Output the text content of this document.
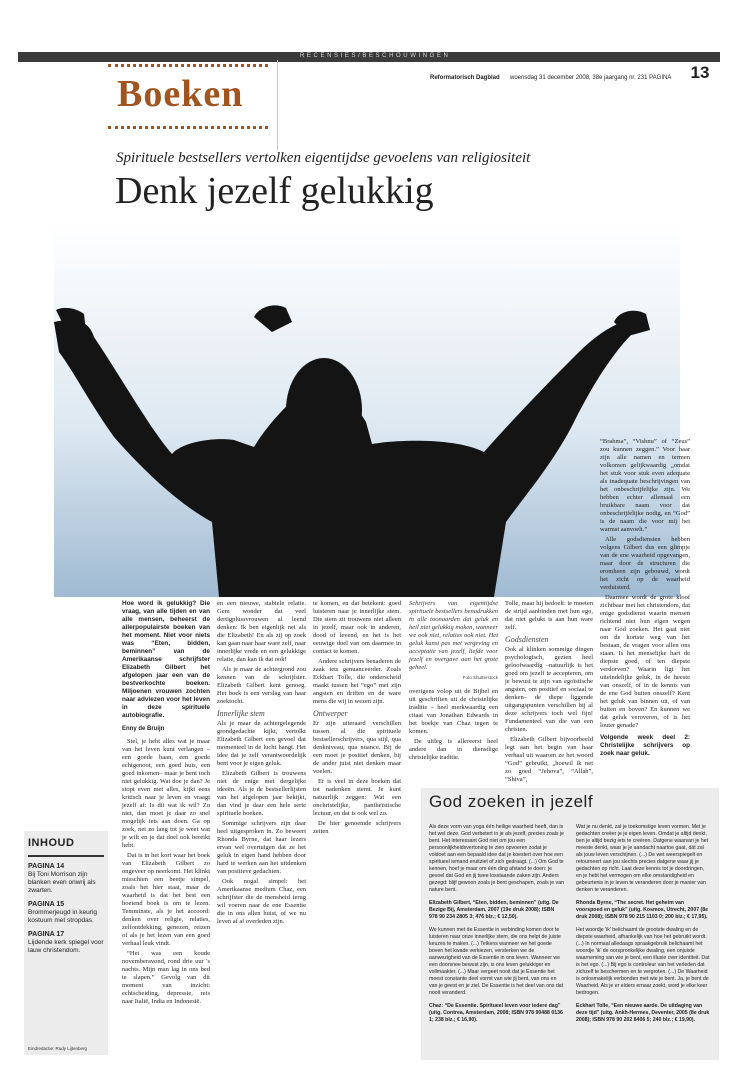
RECENSIES/BESCHOUWINGEN
Boeken	Reformatorisch Dagblad woensdag 31 december 2008, 38e jaargang nr. 231 PAGINA	13
Spirituele bestsellers vertolken eigentijdse gevoelens van religiositeit
Denk jezelf gelukkig

Hoe word ik gelukkig? Die vraag, van alle tijden en van alle mensen, beheerst de allerpopulairste boeken van het moment. Niet voor niets was “Eten, bidden, beminnen” van de Amerikaanse schrijfster Elizabeth Gilbert het afgelopen jaar een van de bestverkochte boeken. Miljoenen vrouwen zochten naar adviezen voor het leven in deze spirituele autobiografie.

Enny de Bruijn

Stel, je hebt alles wat je maar van het leven kunt verlangen –een goede baan, een goede echtgenoot, een goed huis, een goed inkomen– maar je bent toch niet gelukkig. Wat doe je dan? Je stopt even met alles, kijkt eens kritisch naar je leven en vraagt jezelf af: Is dit wat ik wil? Zo niet, dan moet je daar zo snel mogelijk iets aan doen. Ga op zoek, net zo lang tot je weet wat je wilt en je dat doel ook bereikt hebt.

Dat is in het kort waar het boek van Elizabeth Gilbert zo ongeveer op neerkomt. Het klinkt misschien een beetje simpel, zoals het hier staat, maar de waarheid is dat het best een boeiend boek is om te lezen. Temminste, als je het accoord: denken over religie, relaties, zelfontdekking, genezen, reizen of als je het lezen van een goed verhaal leuk vindt.

“Het was een koude novemberavond, rond drie uur 's nachts. Mijn man lag in ons bed te slapen.” Gevolg van dit moment van inzicht: echtscheiding, depressie, reis naar Italië, India en Indonesië.

en een nieuwe, stabiele relatie. Gem wonder dat veel dertigplussvrouwen al leend denken: Ik ben eigenlijk net als die Elizabeth! En als zij op zoek kan gaan naar haar ware zelf, naar innerlijke vrede en een gelukkige relatie, dan kan ik dat ook!

Als je maar de achtergrond zou kennen van de schrijfster. Elizabeth Gilbert kent genoeg. Het boek is een verslag van haar zoektocht.

Innerlijke stem

Als je maar de achtergelegende grondgedachte kijkt, vertolkt Elizabeth Gilbert een gevoel dat momenteel in de lucht hangt. Het idee dat je zelf verantwoordelijk bent voor je eigen geluk.

Elizabeth Gilbert is trouwens niet de enige met dergelijke ideeën. Als je de bestsellerlijsten van het afgelopen jaar bekijkt, dan vind je daar een hele serie spirituele boeken.

Sommige schrijvers zijn daar heel uitgesproken in. Zo beweert Rhonda Byrne, dat haar lezers ervan wel overtuigen dat ze het geluk in eigen hand hebben door hard te werken aan het uitdenken van positieve gedachten.

Ook nogal simpel: het Amerikaanse medium Chaz, een schrijfster die de mensheid terug wil voeren naar de ene Essentie die in ons allen huist, of we nu leven af al overleden zijn.

te komen, en dat betekent: goed luisteren naar je innerlijke stem. Die stem zit trouwens niet alleen in jezelf, maar ook in anderen, dood of levend, en het is het eeuwige doel van om daarmee in contact te komen.

Andere schrijvers benaderen de zaak iets genuanceerder. Zoals Eckhart Tolle, die onderscheid maakt tussen het “ego” met zijn angsten en driften en de ware mens die wij in wezen zijn.

Ontwerper

Er zijn uiteraard verschillen tussen al die spirituele bestsellerschrijvers, qua stijl, qua denkniveau, qua nuance. Bij de een moet je positief denken, bij de ander juist niet denken maar voelen.

Er is veel in deze boeken dat tot nadenken stemt. Je kunt natuurlijk zeggen: Wat een onchristelijke, pantheïstische lectuur, en dat is ook wel zo.

De hier genoemde schrijvers zetten

Schrijvers van eigentijdse spirituele bestsellers benadrukken in alle toonaarden dat geluk en heil niet gelukkig maken, wanneer we ook niet, relaties ook niet. Het geluk kunst pas met vergeving en acceptatie van jezelf, liefde voor jezelf en overgave aan het grote geheel.

Foto Shutterstock

overigens volop uit de Bijbel en uit geschriften uit de christelijke traditie – heel merkwaardig een citaat van Jonathan Edwards in het boekje van Chaz tegen te komen.

De uitleg is allereerst heel andere dan in dienstlige christelijke traditie.

Tolle, maar hij bedoelt: te moeten de strijd aanbinden met hun ego, dat niet gelukt is aan hun ware zelf.

Godsdiensten

Ook al klinken sommige dingen psychologisch, gezien heel geloofwaardig –natuurlijk is het goed om jezelf te accepteren, om je bewust te zijn van egoïstische angsten, om positief en sociaal te denken– de diepe liggende uitgangspunten verschillen bij al deze schrijvers toch wel fijn! Fundamenteel van die van een christen.

Elizabeth Gilbert bijvoorbeeld legt aan het begin van haar verhaal uit waarom ze het woord “God” gebruikt, „hoewil ik net zo goed “Jehova”, “Allah”, “Shiva”,

“Brahma”, “Vishnu” of “Zeus” zou kunnen zeggen.” Voor haar zijn alle namen en termen volkomen gelijkwaardig „omdat het stuk voor stuk even adequate als inadequate beschrijvingen van het onbeschrijfelijke zijn. We hebben echter allemaal een bruikbare naam voor dat onbeschrijfelijke nodig, en “God” is de naam die voor mij het warmst aanvoelt.”

Alle godsdiensten hebben volgens Gilbert dus een glimpje van de ene waarheid opgevangen, maar door de structuren die eromheen zijn gebouwd, wordt het zicht op de waarheid verduisterd.

Daarmee wordt de grote kloof zichtbaar met het christendom, dat enige godsdienst waarin mensen richtend niet hun eigen wegen naar God zoeken. Het gaat niet om de kortste weg van het bestaan, de vragen voor allen ons staan. Is het menselijke hart de diepste goed, of ten diepste verdorven? Waarin ligt het uiteindelijke geluk, in de heeste van onszelf, of in de kennis van de ene God buiten onszelf? Kent het geluk van binnen uit, of van buiten en boven? En kunnen we dat geluk veroveren, of is het louter genade?

Volgende week deel 2: Christelijke schrijvers op zoek naar geluk.

INHOUD
PAGINA 14
Bij Toni Morrison zijn blanken even onwrij als zwarten.
PAGINA 15
Brommerjeugd in keurig kostuum met stropdas.
PAGINA 17
Lijdende kerk spiegel voor lauw christendom.
Eindredactie: Rudy Lijtenberg
God zoeken in jezelf

Als deze vorm van yoga één heilige waarheid heeft, dan is het wel deze. God verbetert in je als jezelf, precies zoals je bent. Het interessant God niet om jou een persoonlijkheidsvertoning te zien opvoeren zodat je voldoet aan een bepaald idee dat je koestert over hoe een spiritueel iemand eruitziet of zich gedraagt. (...) Om God te kennen, hoef je maar om één ding afstand te doen: je gevoel dat God en jij twee losstaande zaken zijn. Anders gezegd: blijf gewoon zoals je bent geschapen, zoals je van nature bent.

Elizabeth Gilbert, “Eten, bidden, beminnen” (uitg. De Bezige Bij, Amsterdam, 2007 (19e druk 2008); ISBN 978 90 234 2805 3; 476 blz.; € 12,50).

We kunnen met de Essentie in verbinding komen door te luisteren naar onze innerlijke stem, die ons helpt de juiste keuzes te maken. (...) Telkens wanneer we het goede boven het kwade verkiezen, versterken we de aanwezigheid van de Essentie in ons leven. Wanneer we een doorsnee bewust zijn, is ons leven gelukkiger en vollmaakter. (...) Maar vergeet nooit dat je Essentie het meest constante deel vormt van wie jij bent, van ons en van je geest en je ziel. De Essentie is het deel van ons dat nooit veranderd.

Chaz: “De Essentie. Spiritueel leven voor iedere dag” (uitg. Contrea, Amsterdam, 2008; ISBN 978 90488 0136 1; 238 blz.; € 16,90).

Wat je nu denkt, zal je toekomstige leven vormen. Met je gedachten creëer je je eigen leven. Omdat je altijd denkt, ben je altijd bezig iets te creëren. Datgene waarvan je het meeste denkt, waar je je aandacht naartoe gaat, dát zal als jouw leven verschijnen. (...) De wet weerspiegelt en retourneert aan jou slechts precies datgene waar jij je gedachten op richt. Laat deze kennis tot je doordringen, en je hebt het vermogen om elke omstandigheid en gebeurtenis in je leven te veranderen door je manier van denken te veranderen.

Rhonda Byrne, “The secret. Het geheim van voorspoed en geluk” (uitg. Kosmos, Utrecht, 2007 (8e druk 2008); ISBN 978 90 215 1103 0; 200 blz.; € 17,95).

Het woordje 'ik' belichaamt de grootste dwaling en de diepste waarheid, afhankelijk van hoe het gebruikt wordt. (...) In normaal alledaags spraakgebruik belichaamt het woordje 'ik' de oorspronkelijke dwaling, een onjuiste waarneming van wie je bent, een illusie over identiteit. Dat is het ego. (...) Bij ego is controleur van het verleden dat zichzelf te beschermen en te vergroten. (...) De Waarheid is onlosmakelijk verbonden met wie je bent. Ja, je bent de Waarheid. Als je er elders ernaar zoekt, word je elke keer bedrogen.

Eckhart Tolle, “Een nieuwe aarde. De uitdaging van deze tijd” (uitg. Ankh-Hermes, Deventer, 2005 (8e druk 2008); ISBN 978 90 202 8406 5; 240 blz.; € 19,90).
